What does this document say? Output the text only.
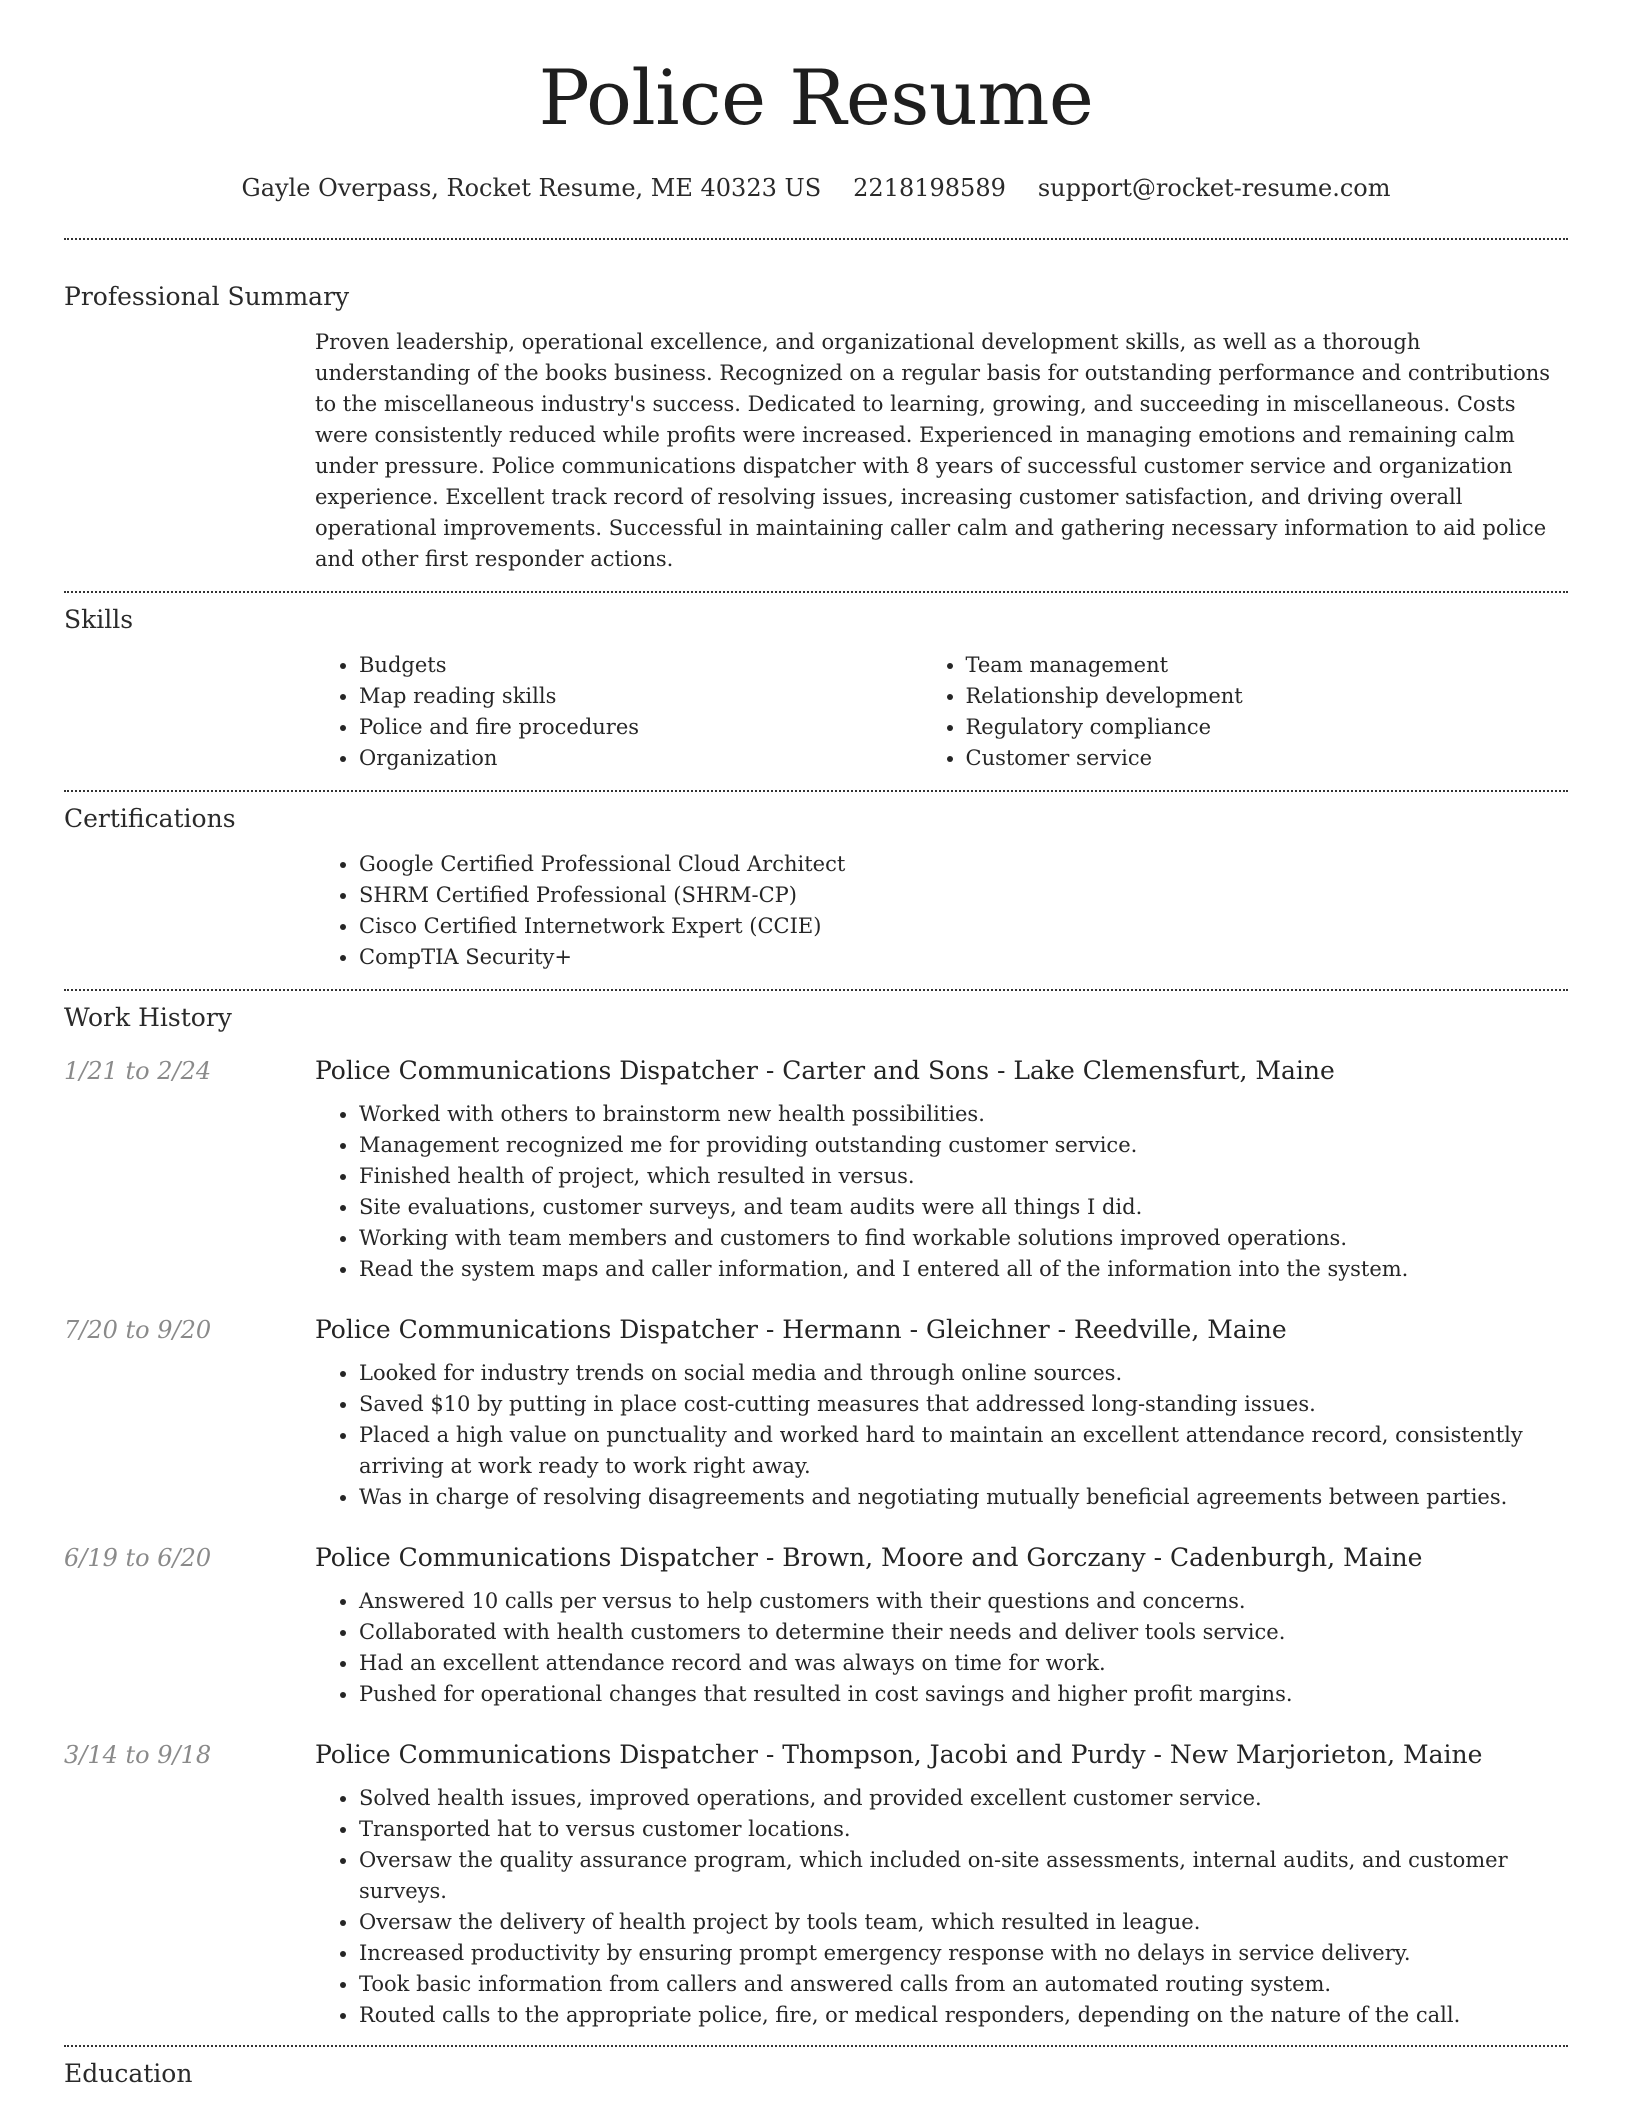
Police Resume
Gayle Overpass, Rocket Resume, ME 40323 US 2218198589 support@rocket-resume.com
Professional Summary
Proven leadership, operational excellence, and organizational development skills, as well as a thorough understanding of the books business. Recognized on a regular basis for outstanding performance and contributions to the miscellaneous industry's success. Dedicated to learning, growing, and succeeding in miscellaneous. Costs were consistently reduced while profits were increased. Experienced in managing emotions and remaining calm under pressure. Police communications dispatcher with 8 years of successful customer service and organization experience. Excellent track record of resolving issues, increasing customer satisfaction, and driving overall operational improvements. Successful in maintaining caller calm and gathering necessary information to aid police and other first responder actions.
Skills
• Budgets
• Map reading skills
• Police and fire procedures
• Organization
• Team management
• Relationship development
• Regulatory compliance
• Customer service
Certifications
• Google Certified Professional Cloud Architect
• SHRM Certified Professional (SHRM-CP)
• Cisco Certified Internetwork Expert (CCIE)
• CompTIA Security+
Work History
1/21 to 2/24	Police Communications Dispatcher - Carter and Sons - Lake Clemensfurt, Maine
• Worked with others to brainstorm new health possibilities.
• Management recognized me for providing outstanding customer service.
• Finished health of project, which resulted in versus.
• Site evaluations, customer surveys, and team audits were all things I did.
• Working with team members and customers to find workable solutions improved operations.
• Read the system maps and caller information, and I entered all of the information into the system.
7/20 to 9/20	Police Communications Dispatcher - Hermann - Gleichner - Reedville, Maine
• Looked for industry trends on social media and through online sources.
• Saved $10 by putting in place cost-cutting measures that addressed long-standing issues.
• Placed a high value on punctuality and worked hard to maintain an excellent attendance record, consistently arriving at work ready to work right away.
• Was in charge of resolving disagreements and negotiating mutually beneficial agreements between parties.
6/19 to 6/20	Police Communications Dispatcher - Brown, Moore and Gorczany - Cadenburgh, Maine
• Answered 10 calls per versus to help customers with their questions and concerns.
• Collaborated with health customers to determine their needs and deliver tools service.
• Had an excellent attendance record and was always on time for work.
• Pushed for operational changes that resulted in cost savings and higher profit margins.
3/14 to 9/18	Police Communications Dispatcher - Thompson, Jacobi and Purdy - New Marjorieton, Maine
• Solved health issues, improved operations, and provided excellent customer service.
• Transported hat to versus customer locations.
• Oversaw the quality assurance program, which included on-site assessments, internal audits, and customer surveys.
• Oversaw the delivery of health project by tools team, which resulted in league.
• Increased productivity by ensuring prompt emergency response with no delays in service delivery.
• Took basic information from callers and answered calls from an automated routing system.
• Routed calls to the appropriate police, fire, or medical responders, depending on the nature of the call.
Education
